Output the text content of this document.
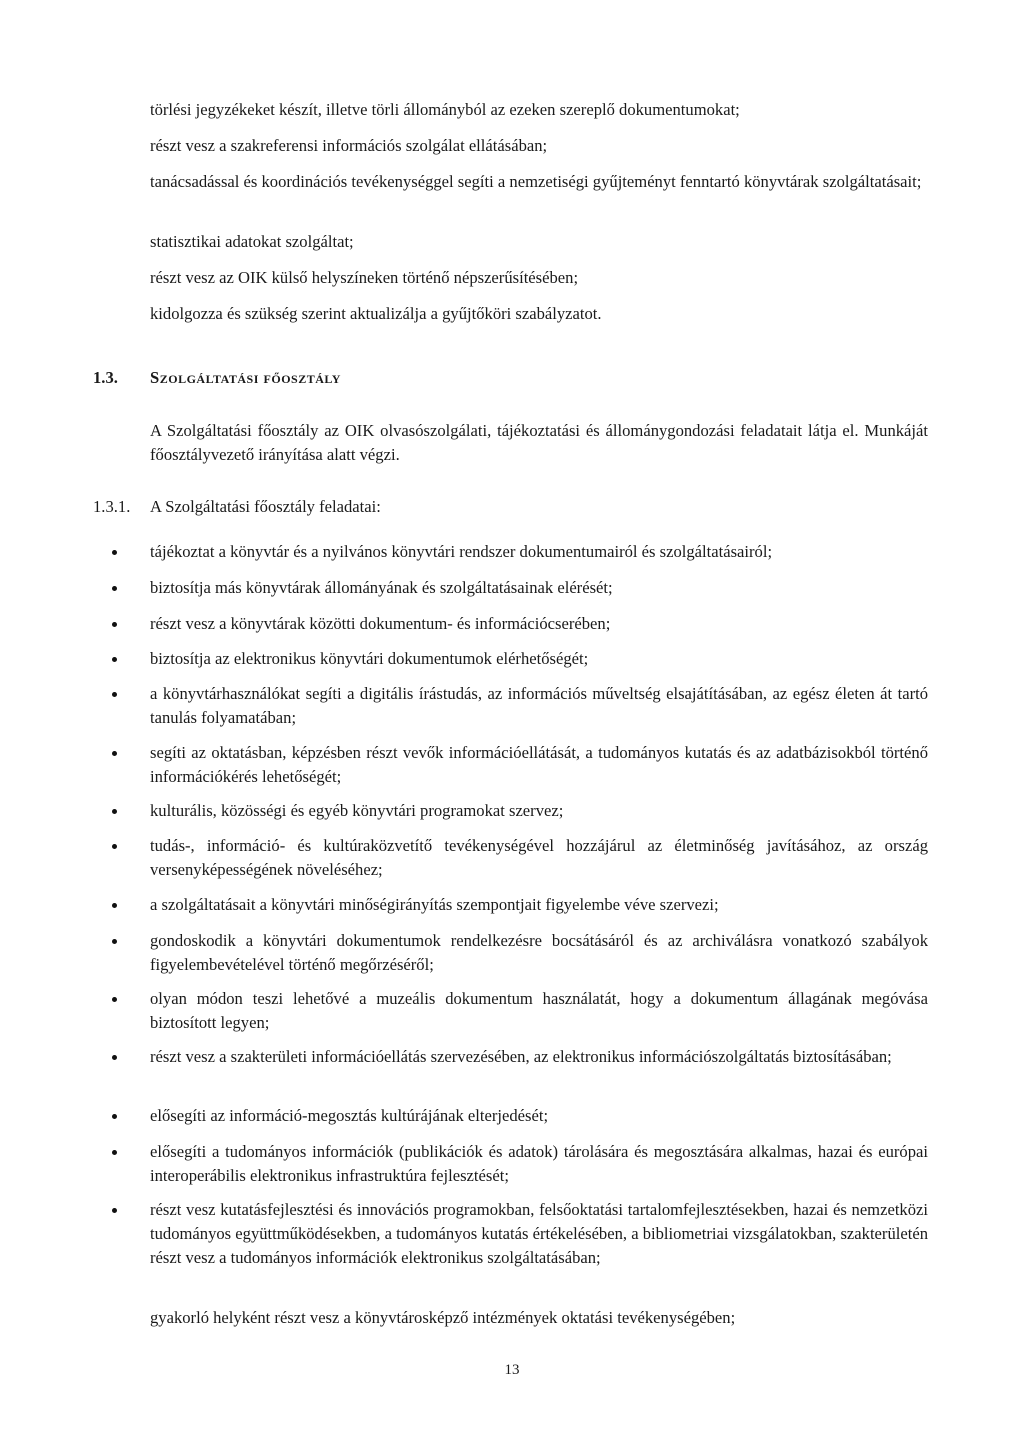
törlési jegyzékeket készít, illetve törli állományból az ezeken szereplő dokumentumokat;

részt vesz a szakreferensi információs szolgálat ellátásában;

tanácsadással és koordinációs tevékenységgel segíti a nemzetiségi gyűjteményt fenntartó könyvtárak szolgáltatásait;

statisztikai adatokat szolgáltat;

részt vesz az OIK külső helyszíneken történő népszerűsítésében;

kidolgozza és szükség szerint aktualizálja a gyűjtőköri szabályzatot.

1.3. Szolgáltatási főosztály

A Szolgáltatási főosztály az OIK olvasószolgálati, tájékoztatási és állománygondozási feladatait látja el. Munkáját főosztályvezető irányítása alatt végzi.

1.3.1. A Szolgáltatási főosztály feladatai:
tájékoztat a könyvtár és a nyilvános könyvtári rendszer dokumentumairól és szolgáltatásairól;
biztosítja más könyvtárak állományának és szolgáltatásainak elérését;
részt vesz a könyvtárak közötti dokumentum- és információcserében;
biztosítja az elektronikus könyvtári dokumentumok elérhetőségét;
a könyvtárhasználókat segíti a digitális írástudás, az információs műveltség elsajátításában, az egész életen át tartó tanulás folyamatában;
segíti az oktatásban, képzésben részt vevők információellátását, a tudományos kutatás és az adatbázisokból történő információkérés lehetőségét;
kulturális, közösségi és egyéb könyvtári programokat szervez;
tudás-, információ- és kultúraközvetítő tevékenységével hozzájárul az életminőség javításához, az ország versenyképességének növeléséhez;
a szolgáltatásait a könyvtári minőségirányítás szempontjait figyelembe véve szervezi;
gondoskodik a könyvtári dokumentumok rendelkezésre bocsátásáról és az archiválásra vonatkozó szabályok figyelembevételével történő megőrzéséről;
olyan módon teszi lehetővé a muzeális dokumentum használatát, hogy a dokumentum állagának megóvása biztosított legyen;
részt vesz a szakterületi információellátás szervezésében, az elektronikus információszolgáltatás biztosításában;
elősegíti az információ-megosztás kultúrájának elterjedését;
elősegíti a tudományos információk (publikációk és adatok) tárolására és megosztására alkalmas, hazai és európai interoperábilis elektronikus infrastruktúra fejlesztését;
részt vesz kutatásfejlesztési és innovációs programokban, felsőoktatási tartalomfejlesztésekben, hazai és nemzetközi tudományos együttműködésekben, a tudományos kutatás értékelésében, a bibliometriai vizsgálatokban, szakterületén részt vesz a tudományos információk elektronikus szolgáltatásában;

gyakorló helyként részt vesz a könyvtárosképző intézmények oktatási tevékenységében;

13
